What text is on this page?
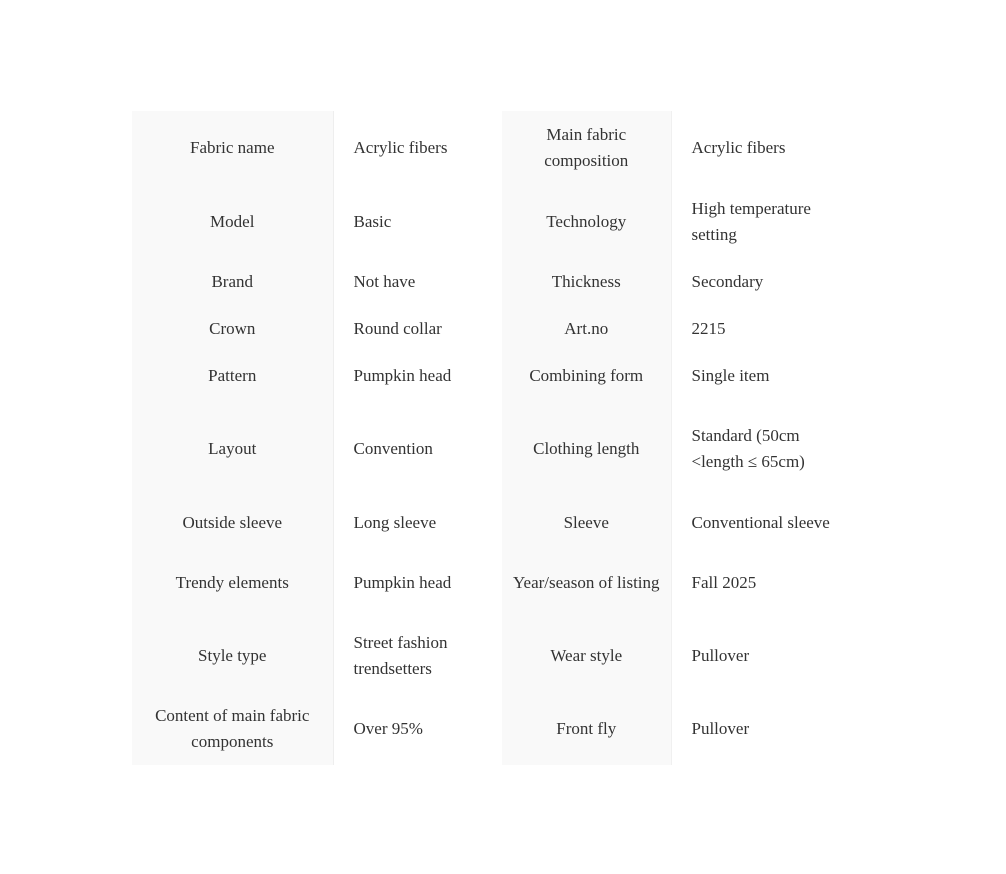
Fabric name	Acrylic fibers	Main fabric composition	Acrylic fibers
Model	Basic	Technology	High temperature setting
Brand	Not have	Thickness	Secondary
Crown	Round collar	Art.no	2215
Pattern	Pumpkin head	Combining form	Single item
Layout	Convention	Clothing length	Standard (50cm <length ≤ 65cm)
Outside sleeve	Long sleeve	Sleeve	Conventional sleeve
Trendy elements	Pumpkin head	Year/season of listing	Fall 2025
Style type	Street fashion trendsetters	Wear style	Pullover
Content of main fabric components	Over 95%	Front fly	Pullover
